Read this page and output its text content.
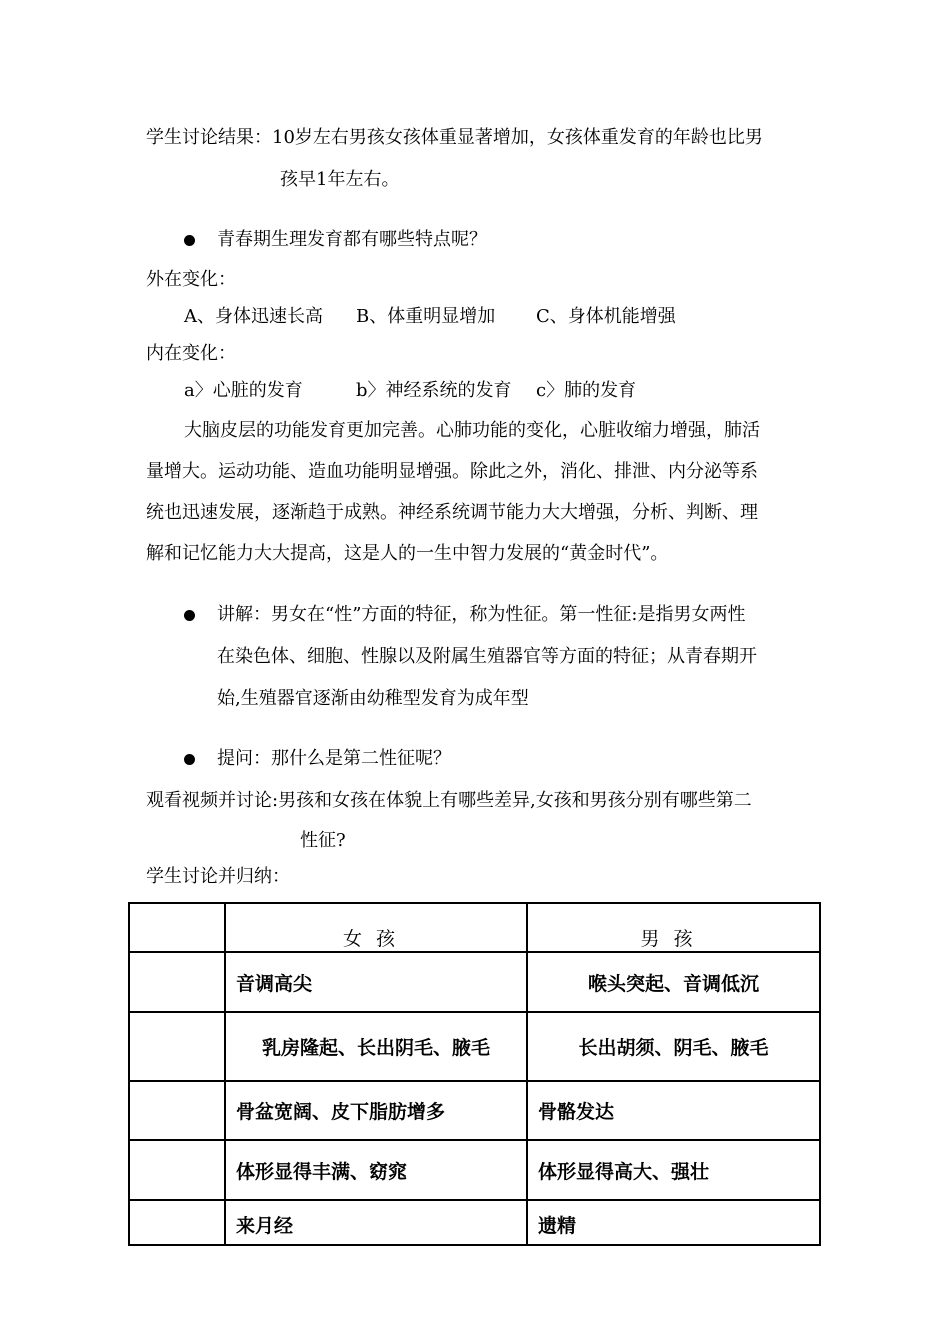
学生讨论结果：10岁左右男孩女孩体重显著增加，女孩体重发育的年龄也比男
孩早1年左右。
青春期生理发育都有哪些特点呢？
外在变化：
A、身体迅速长高 B、体重明显增加 C、身体机能增强
内在变化：
a〉心脏的发育	b〉神经系统的发育 c〉肺的发育
大脑皮层的功能发育更加完善。心肺功能的变化，心脏收缩力增强，肺活
量增大。运动功能、造血功能明显增强。除此之外，消化、排泄、内分泌等系
统也迅速发展，逐渐趋于成熟。神经系统调节能力大大增强，分析、判断、理
解和记忆能力大大提高，这是人的一生中智力发展的“黄金时代”。
讲解：男女在“性”方面的特征，称为性征。第一性征:是指男女两性
在染色体、细胞、性腺以及附属生殖器官等方面的特征；从青春期开
始,生殖器官逐渐由幼稚型发育为成年型
提问：那什么是第二性征呢？
观看视频并讨论:男孩和女孩在体貌上有哪些差异,女孩和男孩分别有哪些第二
性征?
学生讨论并归纳：

	女孩	男孩

	音调高尖	喉头突起、音调低沉
	乳房隆起、长出阴毛、腋毛	长出胡须、阴毛、腋毛
	骨盆宽阔、皮下脂肪增多	骨骼发达
	体形显得丰满、窈窕	体形显得高大、强壮

	来月经	遗精
